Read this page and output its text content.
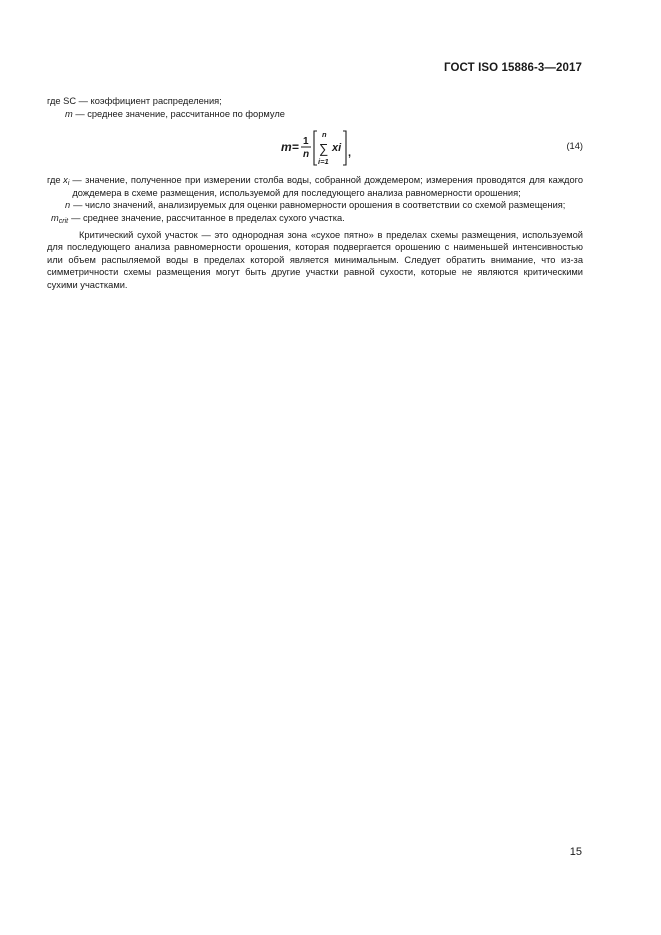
ГОСТ ISO 15886-3—2017
где SC — коэффициент распределения;
m — среднее значение, рассчитанное по формуле
m = 1
n
n
∑
i=1
xi ,
(14)
где $x_i$ — значение, полученное при измерении столба воды, собранной дождемером; измерения проводятся для каждого дождемера в схеме размещения, используемой для последующего анализа равномерности орошения;
n — число значений, анализируемых для оценки равномерности орошения в соответствии со схемой размещения;
$m_{crit}$ — среднее значение, рассчитанное в пределах сухого участка.

Критический сухой участок — это однородная зона «сухое пятно» в пределах схемы размещения, используемой для последующего анализа равномерности орошения, которая подвергается орошению с наименьшей интенсивностью или объем распыляемой воды в пределах которой является минимальным. Следует обратить внимание, что из-за симметричности схемы размещения могут быть другие участки равной сухости, которые не являются критическими сухими участками.

15
